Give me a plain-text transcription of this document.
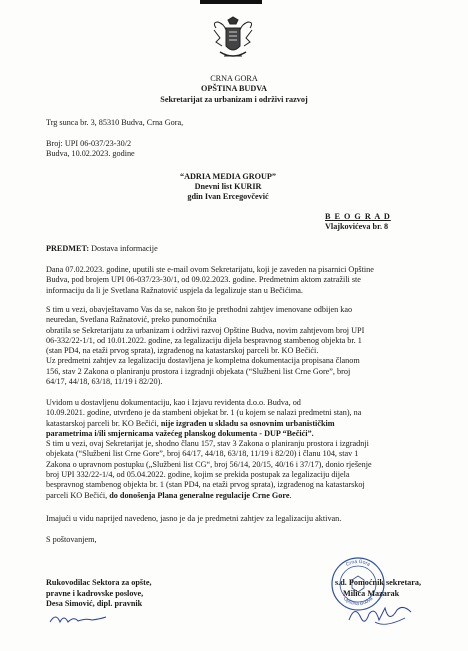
CRNA GORA
OPŠTINA BUDVA
Sekretarijat za urbanizam i održivi razvoj
Trg sunca br. 3, 85310 Budva, Crna Gora,
Broj: UPI 06-037/23-30/2
Budva, 10.02.2023. godine
“ADRIA MEDIA GROUP”
Dnevni list KURIR
gdin Ivan Ercegovčević
B E O G R A D
Vlajkovićeva br. 8
PREDMET: Dostava informacije
Dana 07.02.2023. godine, uputili ste e-mail ovom Sekretarijatu, koji je zaveden na pisarnici Opštine
Budva, pod brojem UPI 06-037/23-30/1, od 09.02.2023. godine. Predmetnim aktom zatražili ste
informaciju da li je Svetlana Ražnatović uspjela da legalizuje stan u Bečićima.
S tim u vezi, obavještavamo Vas da se, nakon što je prethodni zahtjev imenovane odbijen kao
neuredan, Svetlana Ražnatović, preko punomoćnika
obratila se Sekretarijatu za urbanizam i održivi razvoj Opštine Budva, novim zahtjevom broj UPI
06-332/22-1/1, od 10.01.2022. godine, za legalizaciju dijela bespravnog stambenog objekta br. 1
(stan PD4, na etaži prvog sprata), izgrađenog na katastarskoj parceli br. KO Bečići.
Uz predmetni zahtjev za legalizaciju dostavljena je kompletna dokumentacija propisana članom
156, stav 2 Zakona o planiranju prostora i izgradnji objekata (“Službeni list Crne Gore”, broj
64/17, 44/18, 63/18, 11/19 i 82/20).
Uvidom u dostavljenu dokumentaciju, kao i Izjavu revidenta d.o.o. Budva, od
10.09.2021. godine, utvrđeno je da stambeni objekat br. 1 (u kojem se nalazi predmetni stan), na
katastarskoj parceli br. KO Bečići, nije izgrađen u skladu sa osnovnim urbanističkim
parametrima i/ili smjernicama važećeg planskog dokumenta - DUP “Bečići”.
S tim u vezi, ovaj Sekretarijat je, shodno članu 157, stav 3 Zakona o planiranju prostora i izgradnji
objekata (“Službeni list Crne Gore”, broj 64/17, 44/18, 63/18, 11/19 i 82/20) i članu 104, stav 1
Zakona o upravnom postupku („Službeni list CG“, broj 56/14, 20/15, 40/16 i 37/17), donio rješenje
broj UPI 332/22-1/4, od 05.04.2022. godine, kojim se prekida postupak za legalizaciju dijela
bespravnog stambenog objekta br. 1 (stan PD4, na etaži prvog sprata), izgrađenog na katastarskoj
parceli KO Bečići, do donošenja Plana generalne regulacije Crne Gore.
Imajući u vidu naprijed navedeno, jasno je da je predmetni zahtjev za legalizaciju aktivan.
S poštovanjem,
Rukovodilac Sektora za opšte,
pravne i kadrovske poslove,
Desa Simović, dipl. pravnik
Crna Gora
Opština Budva
s.d. Pomoćnik sekretara,
Milica Mazarak
